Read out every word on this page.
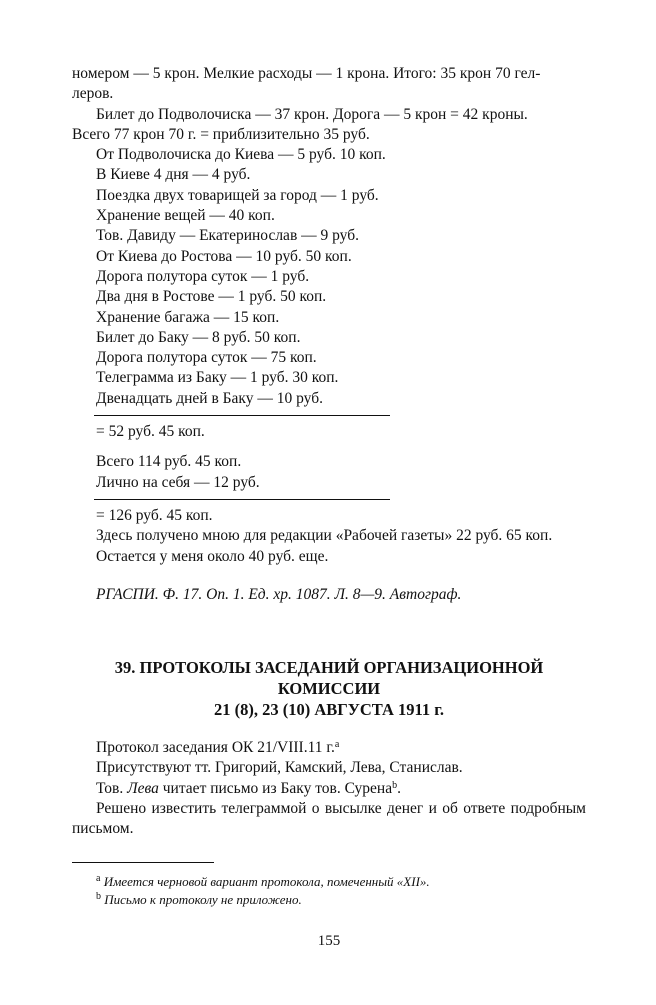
номером — 5 крон. Мелкие расходы — 1 крона. Итого: 35 крон 70 гел-

леров.

Билет до Подволочиска — 37 крон. Дорога — 5 крон = 42 кроны.

Всего 77 крон 70 г. = приблизительно 35 руб.

От Подволочиска до Киева — 5 руб. 10 коп.

В Киеве 4 дня — 4 руб.

Поездка двух товарищей за город — 1 руб.

Хранение вещей — 40 коп.

Тов. Давиду — Екатеринослав — 9 руб.

От Киева до Ростова — 10 руб. 50 коп.

Дорога полутора суток — 1 руб.

Два дня в Ростове — 1 руб. 50 коп.

Хранение багажа — 15 коп.

Билет до Баку — 8 руб. 50 коп.

Дорога полутора суток — 75 коп.

Телеграмма из Баку — 1 руб. 30 коп.

Двенадцать дней в Баку — 10 руб.

= 52 руб. 45 коп.

Всего 114 руб. 45 коп.

Лично на себя — 12 руб.

= 126 руб. 45 коп.

Здесь получено мною для редакции «Рабочей газеты» 22 руб. 65 коп.

Остается у меня около 40 руб. еще.

РГАСПИ. Ф. 17. Оп. 1. Ед. хр. 1087. Л. 8—9. Автограф.

39. ПРОТОКОЛЫ ЗАСЕДАНИЙ ОРГАНИЗАЦИОННОЙ

КОМИССИИ

21 (8), 23 (10) АВГУСТА 1911 г.

Протокол заседания ОК 21/VIII.11 г.$^a$

Присутствуют тт. Григорий, Камский, Лева, Станислав.

Тов. Лева читает письмо из Баку тов. Сурена$^b$.

Решено известить телеграммой о высылке денег и об ответе подробным письмом.

$^a$ Имеется черновой вариант протокола, помеченный «XII».

$^b$ Письмо к протоколу не приложено.

155
